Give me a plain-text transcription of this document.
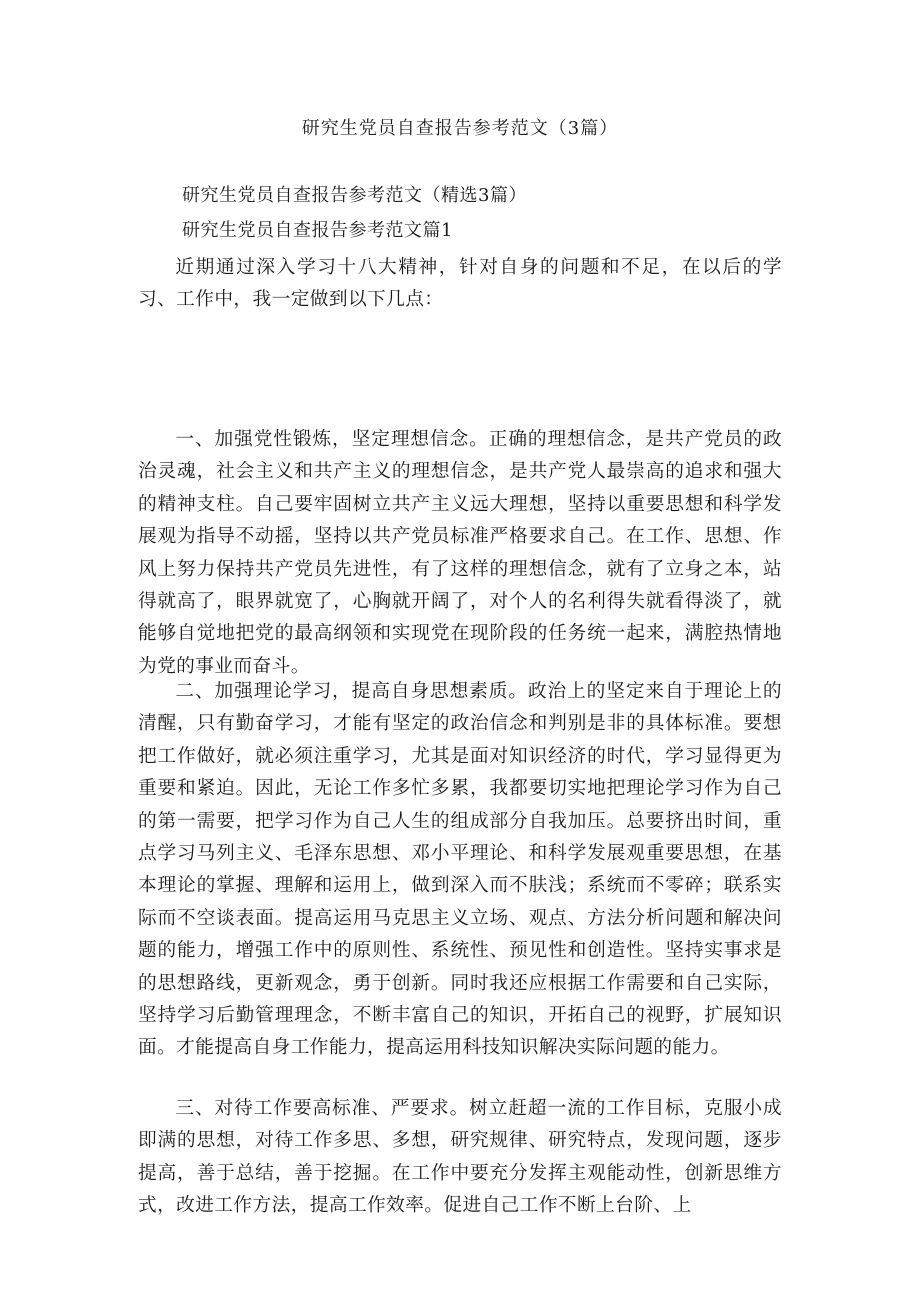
研究生党员自查报告参考范文（3篇）

研究生党员自查报告参考范文（精选3篇）

研究生党员自查报告参考范文篇1

近期通过深入学习十八大精神，针对自身的问题和不足，在以后的学习、工作中，我一定做到以下几点：

一、加强党性锻炼，坚定理想信念。正确的理想信念，是共产党员的政治灵魂，社会主义和共产主义的理想信念，是共产党人最崇高的追求和强大的精神支柱。自己要牢固树立共产主义远大理想，坚持以重要思想和科学发展观为指导不动摇，坚持以共产党员标准严格要求自己。在工作、思想、作风上努力保持共产党员先进性，有了这样的理想信念，就有了立身之本，站得就高了，眼界就宽了，心胸就开阔了，对个人的名利得失就看得淡了，就能够自觉地把党的最高纲领和实现党在现阶段的任务统一起来，满腔热情地为党的事业而奋斗。

二、加强理论学习，提高自身思想素质。政治上的坚定来自于理论上的清醒，只有勤奋学习，才能有坚定的政治信念和判别是非的具体标准。要想把工作做好，就必须注重学习，尤其是面对知识经济的时代，学习显得更为重要和紧迫。因此，无论工作多忙多累，我都要切实地把理论学习作为自己的第一需要，把学习作为自己人生的组成部分自我加压。总要挤出时间，重点学习马列主义、毛泽东思想、邓小平理论、和科学发展观重要思想，在基本理论的掌握、理解和运用上，做到深入而不肤浅；系统而不零碎；联系实际而不空谈表面。提高运用马克思主义立场、观点、方法分析问题和解决问题的能力，增强工作中的原则性、系统性、预见性和创造性。坚持实事求是的思想路线，更新观念，勇于创新。同时我还应根据工作需要和自己实际，坚持学习后勤管理理念，不断丰富自己的知识，开拓自己的视野，扩展知识面。才能提高自身工作能力，提高运用科技知识解决实际问题的能力。

三、对待工作要高标准、严要求。树立赶超一流的工作目标，克服小成即满的思想，对待工作多思、多想，研究规律、研究特点，发现问题，逐步提高，善于总结，善于挖掘。在工作中要充分发挥主观能动性，创新思维方式，改进工作方法，提高工作效率。促进自己工作不断上台阶、上
